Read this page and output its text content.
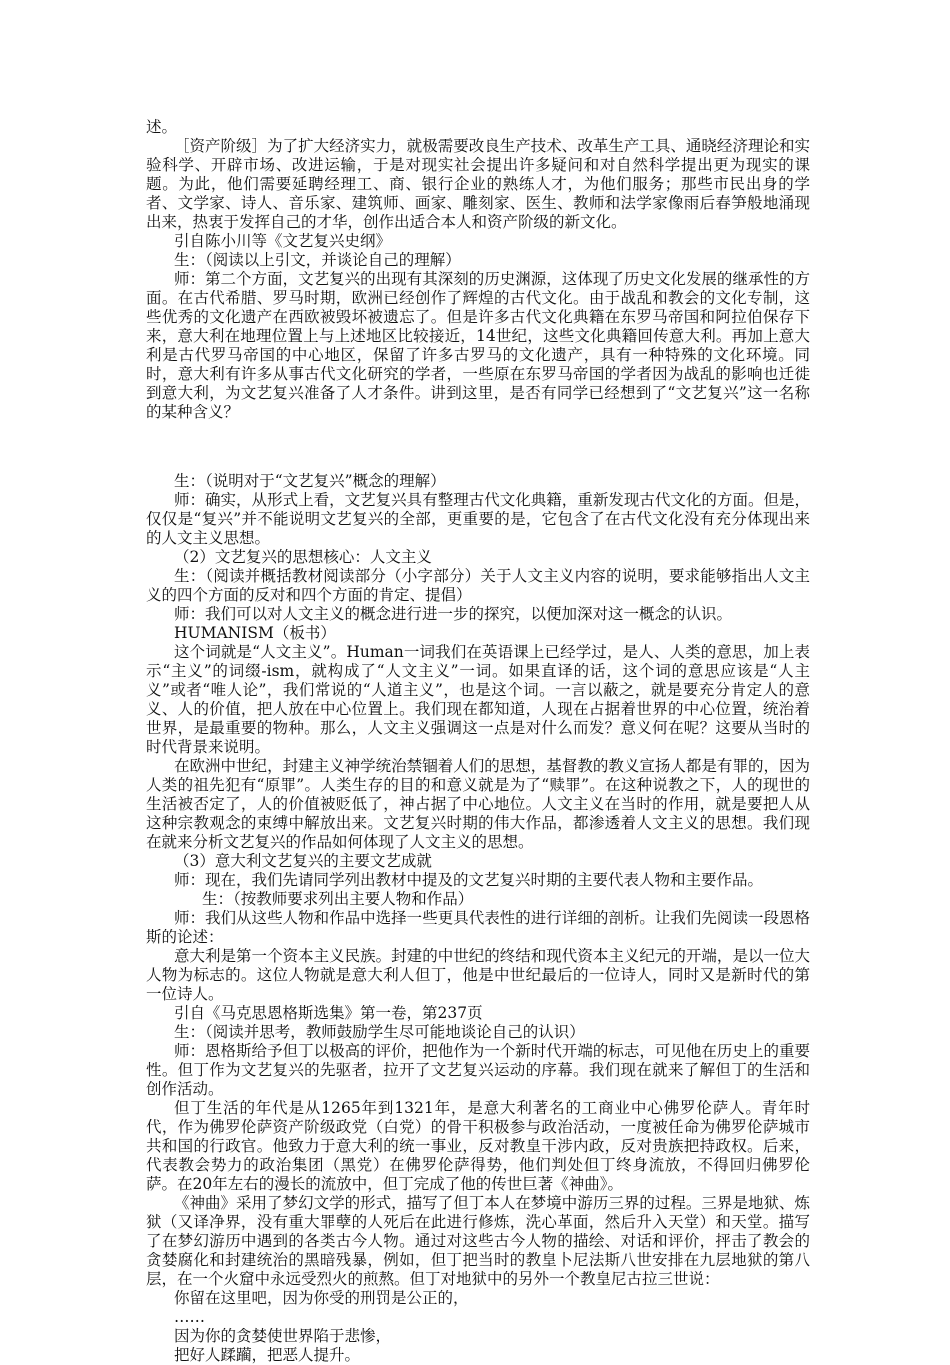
述。

［资产阶级］为了扩大经济实力，就极需要改良生产技术、改革生产工具、通晓经济理论和实验科学、开辟市场、改进运输，于是对现实社会提出许多疑问和对自然科学提出更为现实的课题。为此，他们需要延聘经理工、商、银行企业的熟练人才，为他们服务；那些市民出身的学者、文学家、诗人、音乐家、建筑师、画家、雕刻家、医生、教师和法学家像雨后春笋般地涌现出来，热衷于发挥自己的才华，创作出适合本人和资产阶级的新文化。

引自陈小川等《文艺复兴史纲》

生：（阅读以上引文，并谈论自己的理解）

师：第二个方面，文艺复兴的出现有其深刻的历史渊源，这体现了历史文化发展的继承性的方面。在古代希腊、罗马时期，欧洲已经创作了辉煌的古代文化。由于战乱和教会的文化专制，这些优秀的文化遗产在西欧被毁坏被遗忘了。但是许多古代文化典籍在东罗马帝国和阿拉伯保存下来，意大利在地理位置上与上述地区比较接近，14世纪，这些文化典籍回传意大利。再加上意大利是古代罗马帝国的中心地区，保留了许多古罗马的文化遗产，具有一种特殊的文化环境。同时，意大利有许多从事古代文化研究的学者，一些原在东罗马帝国的学者因为战乱的影响也迁徙到意大利，为文艺复兴准备了人才条件。讲到这里，是否有同学已经想到了“文艺复兴”这一名称的某种含义？

生：（说明对于“文艺复兴”概念的理解）

师：确实，从形式上看，文艺复兴具有整理古代文化典籍，重新发现古代文化的方面。但是，仅仅是“复兴”并不能说明文艺复兴的全部，更重要的是，它包含了在古代文化没有充分体现出来的人文主义思想。

（2）文艺复兴的思想核心：人文主义

生：（阅读并概括教材阅读部分（小字部分）关于人文主义内容的说明，要求能够指出人文主义的四个方面的反对和四个方面的肯定、提倡）

师：我们可以对人文主义的概念进行进一步的探究，以便加深对这一概念的认识。

HUMANISM（板书）

这个词就是“人文主义”。Human一词我们在英语课上已经学过，是人、人类的意思，加上表示“主义”的词缀-ism，就构成了“人文主义”一词。如果直译的话，这个词的意思应该是“人主义”或者“唯人论”，我们常说的“人道主义”，也是这个词。一言以蔽之，就是要充分肯定人的意义、人的价值，把人放在中心位置上。我们现在都知道，人现在占据着世界的中心位置，统治着世界，是最重要的物种。那么，人文主义强调这一点是对什么而发？意义何在呢？这要从当时的时代背景来说明。

在欧洲中世纪，封建主义神学统治禁锢着人们的思想，基督教的教义宣扬人都是有罪的，因为人类的祖先犯有“原罪”。人类生存的目的和意义就是为了“赎罪”。在这种说教之下，人的现世的生活被否定了，人的价值被贬低了，神占据了中心地位。人文主义在当时的作用，就是要把人从这种宗教观念的束缚中解放出来。文艺复兴时期的伟大作品，都渗透着人文主义的思想。我们现在就来分析文艺复兴的作品如何体现了人文主义的思想。

（3）意大利文艺复兴的主要文艺成就

师：现在，我们先请同学列出教材中提及的文艺复兴时期的主要代表人物和主要作品。

生：（按教师要求列出主要人物和作品）

师：我们从这些人物和作品中选择一些更具代表性的进行详细的剖析。让我们先阅读一段恩格斯的论述：

意大利是第一个资本主义民族。封建的中世纪的终结和现代资本主义纪元的开端，是以一位大人物为标志的。这位人物就是意大利人但丁，他是中世纪最后的一位诗人，同时又是新时代的第一位诗人。

引自《马克思恩格斯选集》第一卷，第237页

生：（阅读并思考，教师鼓励学生尽可能地谈论自己的认识）

师：恩格斯给予但丁以极高的评价，把他作为一个新时代开端的标志，可见他在历史上的重要性。但丁作为文艺复兴的先驱者，拉开了文艺复兴运动的序幕。我们现在就来了解但丁的生活和创作活动。

但丁生活的年代是从1265年到1321年，是意大利著名的工商业中心佛罗伦萨人。青年时代，作为佛罗伦萨资产阶级政党（白党）的骨干积极参与政治活动，一度被任命为佛罗伦萨城市共和国的行政官。他致力于意大利的统一事业，反对教皇干涉内政，反对贵族把持政权。后来，代表教会势力的政治集团（黑党）在佛罗伦萨得势，他们判处但丁终身流放，不得回归佛罗伦萨。在20年左右的漫长的流放中，但丁完成了他的传世巨著《神曲》。

《神曲》采用了梦幻文学的形式，描写了但丁本人在梦境中游历三界的过程。三界是地狱、炼狱（又译净界，没有重大罪孽的人死后在此进行修炼，洗心革面，然后升入天堂）和天堂。描写了在梦幻游历中遇到的各类古今人物。通过对这些古今人物的描绘、对话和评价，抨击了教会的贪婪腐化和封建统治的黑暗残暴，例如，但丁把当时的教皇卜尼法斯八世安排在九层地狱的第八层，在一个火窟中永远受烈火的煎熬。但丁对地狱中的另外一个教皇尼古拉三世说：

你留在这里吧，因为你受的刑罚是公正的，

……

因为你的贪婪使世界陷于悲惨，

把好人蹂躏，把恶人提升。
